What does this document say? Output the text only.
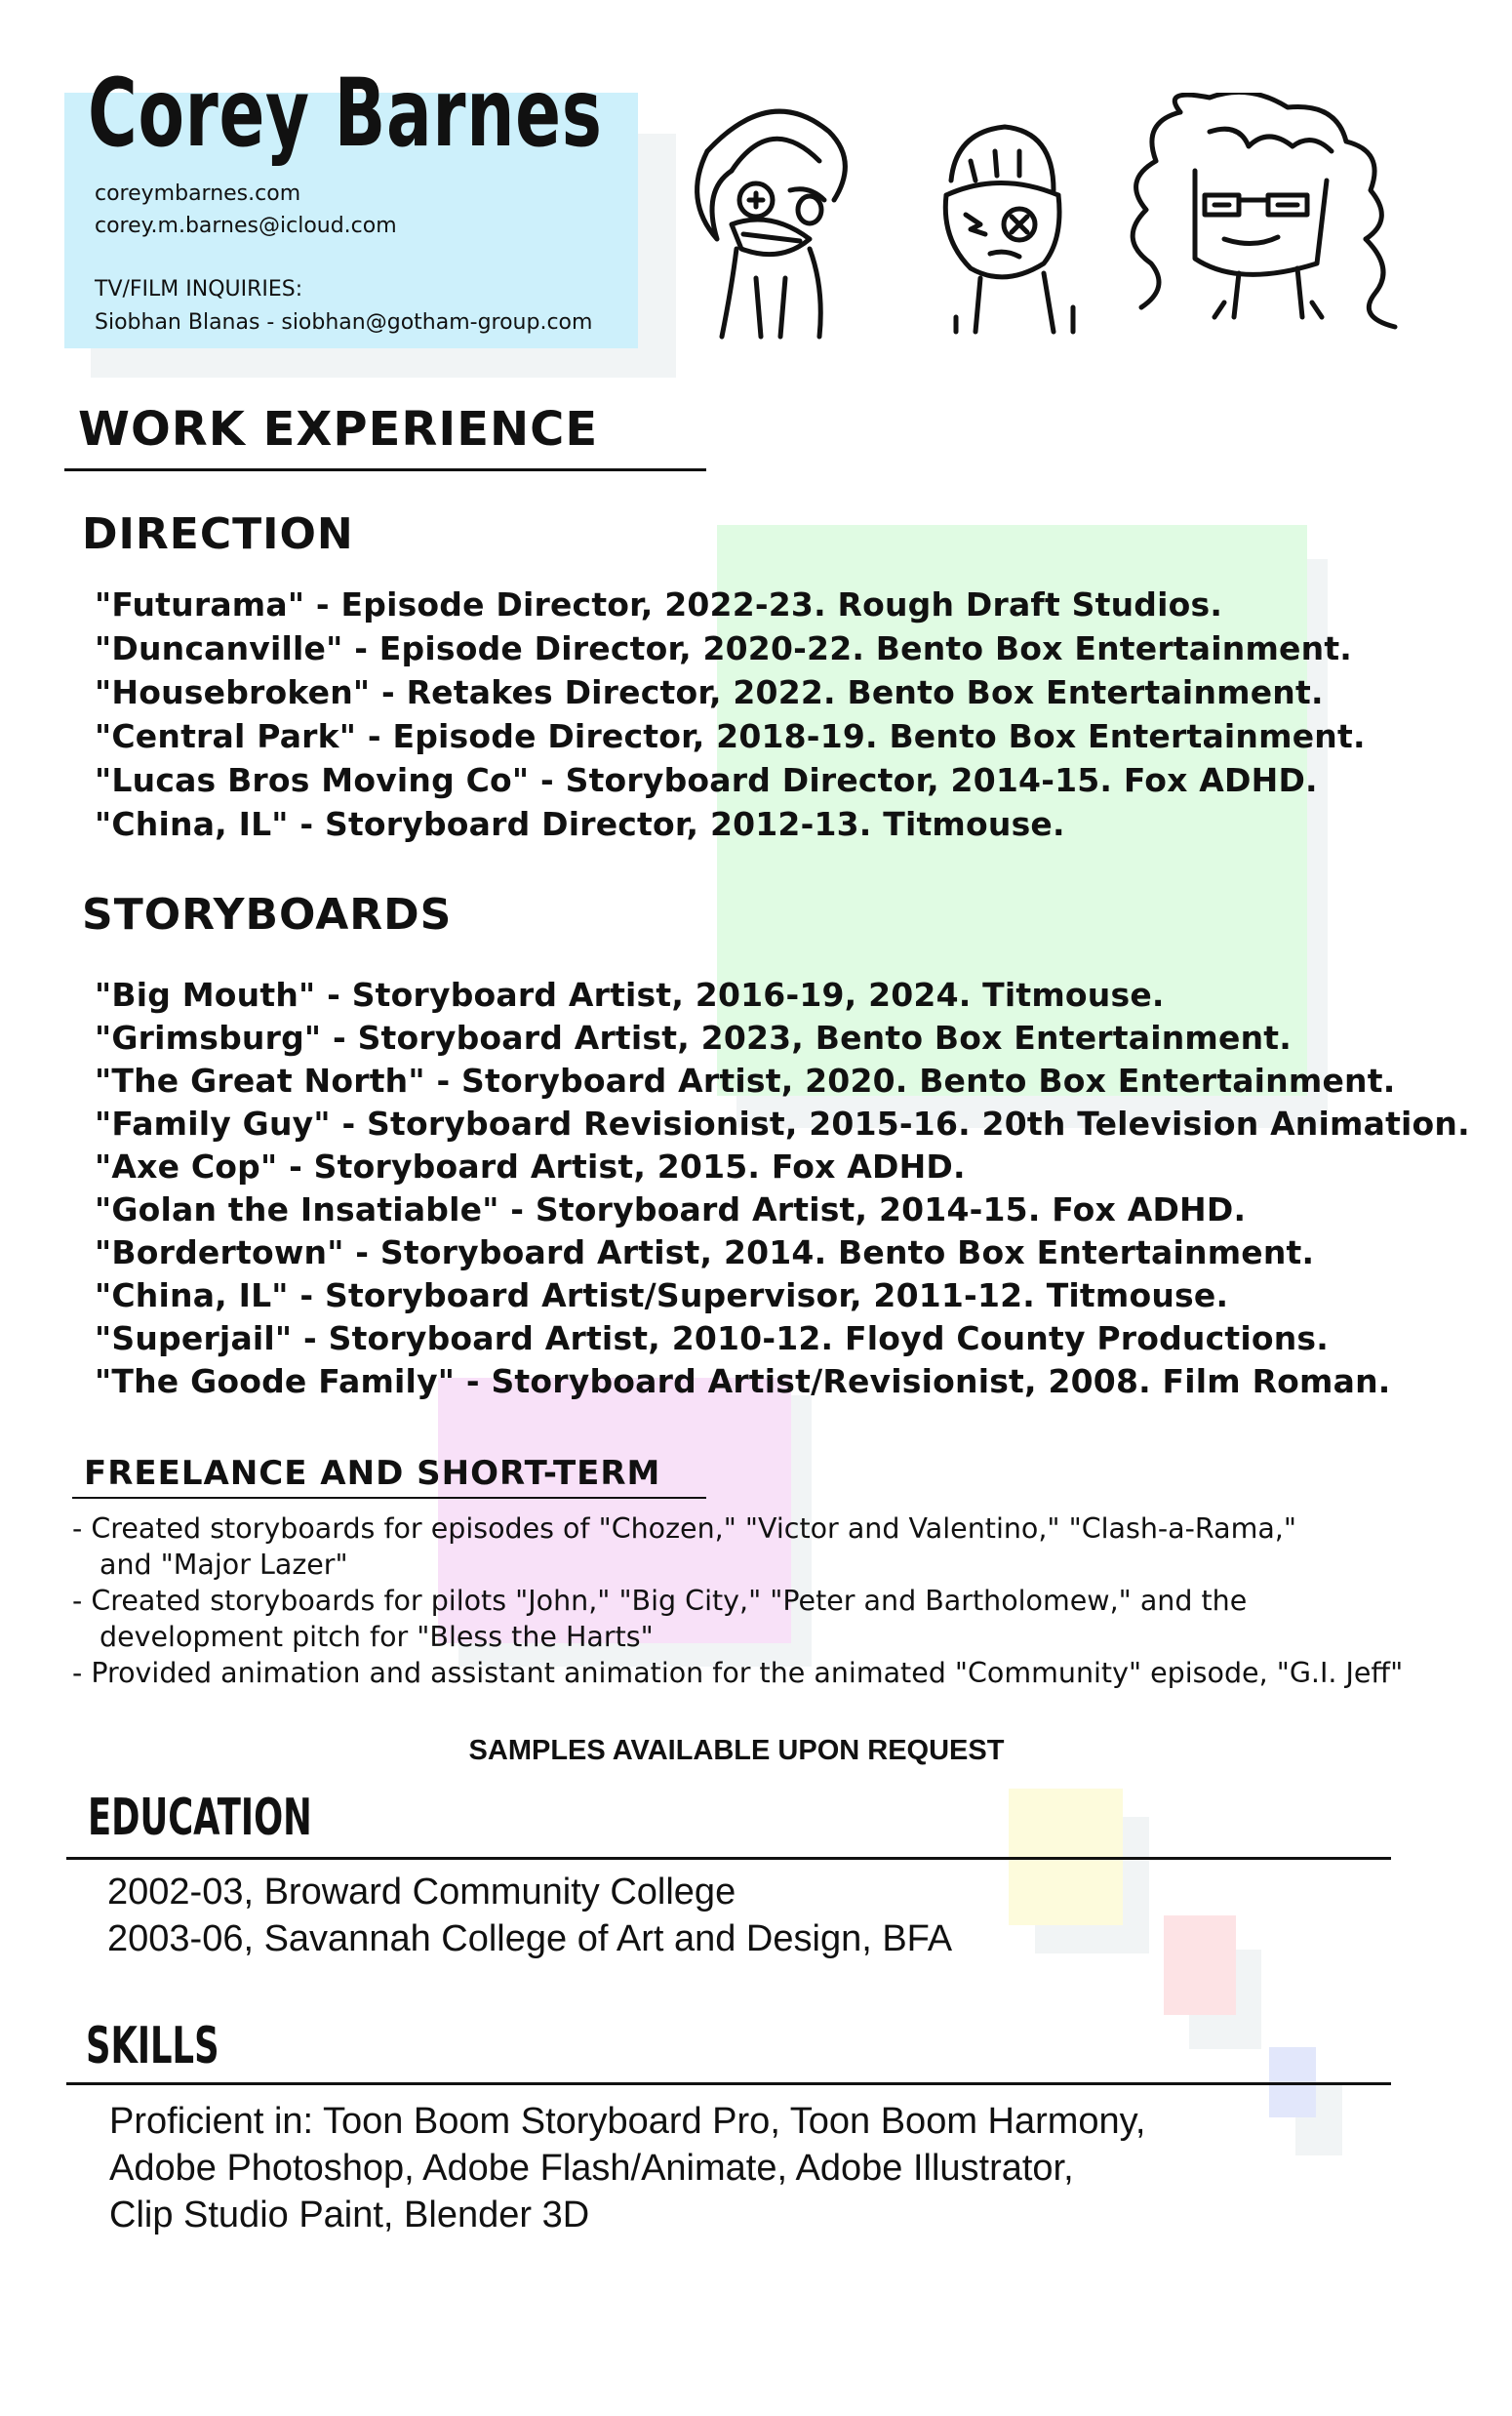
Corey Barnes
coreymbarnes.com
corey.m.barnes@icloud.com
TV/FILM INQUIRIES:
Siobhan Blanas - siobhan@gotham-group.com
WORK EXPERIENCE
DIRECTION
"Futurama" - Episode Director, 2022-23. Rough Draft Studios.
"Duncanville" - Episode Director, 2020-22. Bento Box Entertainment.
"Housebroken" - Retakes Director, 2022. Bento Box Entertainment.
"Central Park" - Episode Director, 2018-19. Bento Box Entertainment.
"Lucas Bros Moving Co" - Storyboard Director, 2014-15. Fox ADHD.
"China, IL" - Storyboard Director, 2012-13. Titmouse.
STORYBOARDS
"Big Mouth" - Storyboard Artist, 2016-19, 2024. Titmouse.
"Grimsburg" - Storyboard Artist, 2023, Bento Box Entertainment.
"The Great North" - Storyboard Artist, 2020. Bento Box Entertainment.
"Family Guy" - Storyboard Revisionist, 2015-16. 20th Television Animation.
"Axe Cop" - Storyboard Artist, 2015. Fox ADHD.
"Golan the Insatiable" - Storyboard Artist, 2014-15. Fox ADHD.
"Bordertown" - Storyboard Artist, 2014. Bento Box Entertainment.
"China, IL" - Storyboard Artist/Supervisor, 2011-12. Titmouse.
"Superjail" - Storyboard Artist, 2010-12. Floyd County Productions.
"The Goode Family" - Storyboard Artist/Revisionist, 2008. Film Roman.
FREELANCE AND SHORT-TERM
- Created storyboards for episodes of "Chozen," "Victor and Valentino," "Clash-a-Rama,"
and "Major Lazer"
- Created storyboards for pilots "John," "Big City," "Peter and Bartholomew," and the
development pitch for "Bless the Harts"
- Provided animation and assistant animation for the animated "Community" episode, "G.I. Jeff"
SAMPLES AVAILABLE UPON REQUEST
EDUCATION
2002-03, Broward Community College
2003-06, Savannah College of Art and Design, BFA
SKILLS
Proficient in: Toon Boom Storyboard Pro, Toon Boom Harmony,
Adobe Photoshop, Adobe Flash/Animate, Adobe Illustrator,
Clip Studio Paint, Blender 3D
